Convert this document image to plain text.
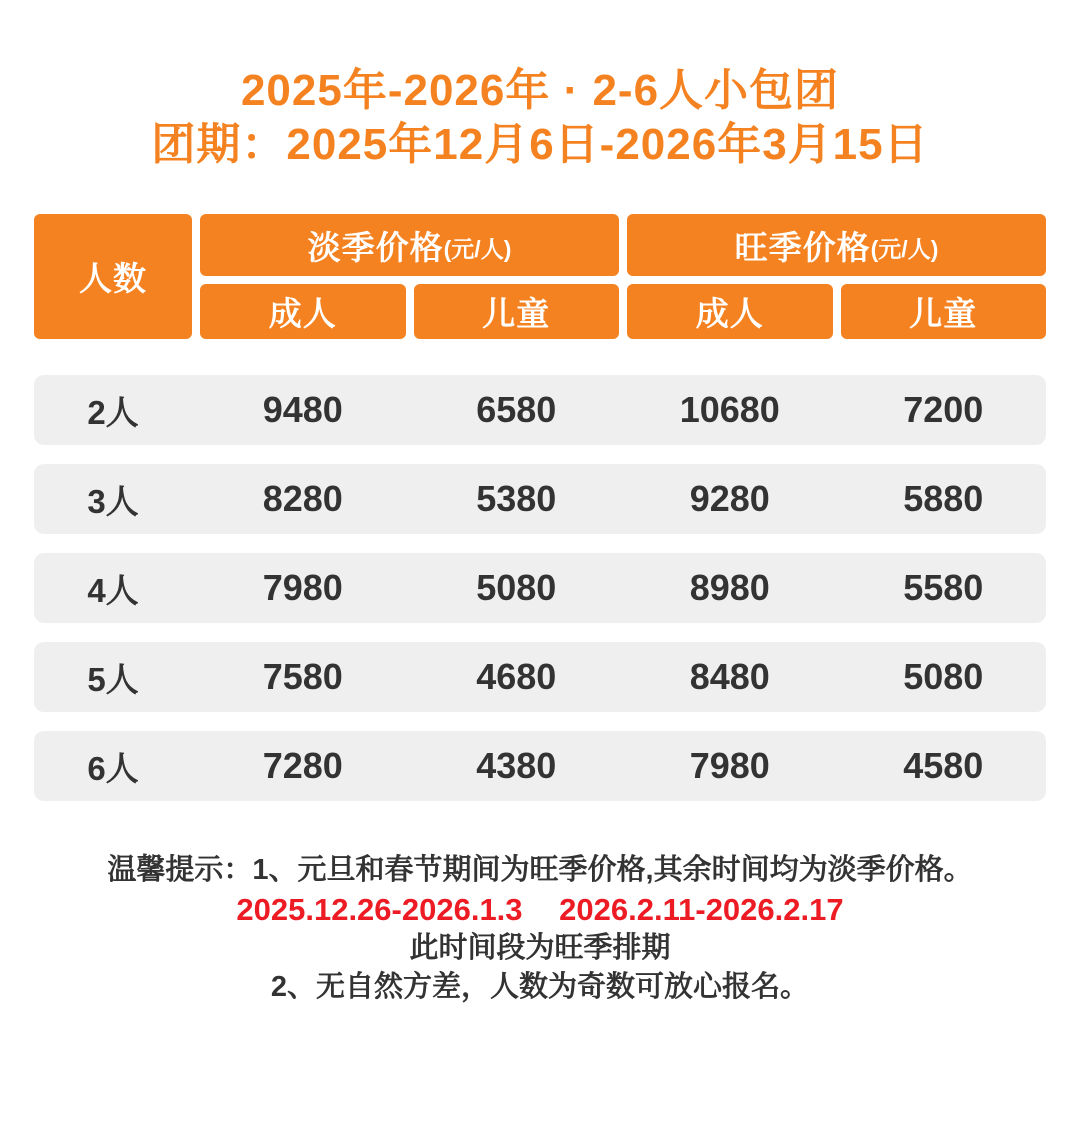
2025年-2026年 · 2-6人小包团
团期：2025年12月6日-2026年3月15日
人数
淡季价格 (元/人)	旺季价格 (元/人)
成人	儿童	成人	儿童
2人	9480	6580	10680	7200
3人	8280	5380	9280	5880
4人	7980	5080	8980	5580
5人	7580	4680	8480	5080
6人	7280	4380	7980	4580
温馨提示：1、元旦和春节期间为旺季价格,其余时间均为淡季价格。
2025.12.26-2026.1.3 2026.2.11-2026.2.17
此时间段为旺季排期
2、无自然方差，人数为奇数可放心报名。
